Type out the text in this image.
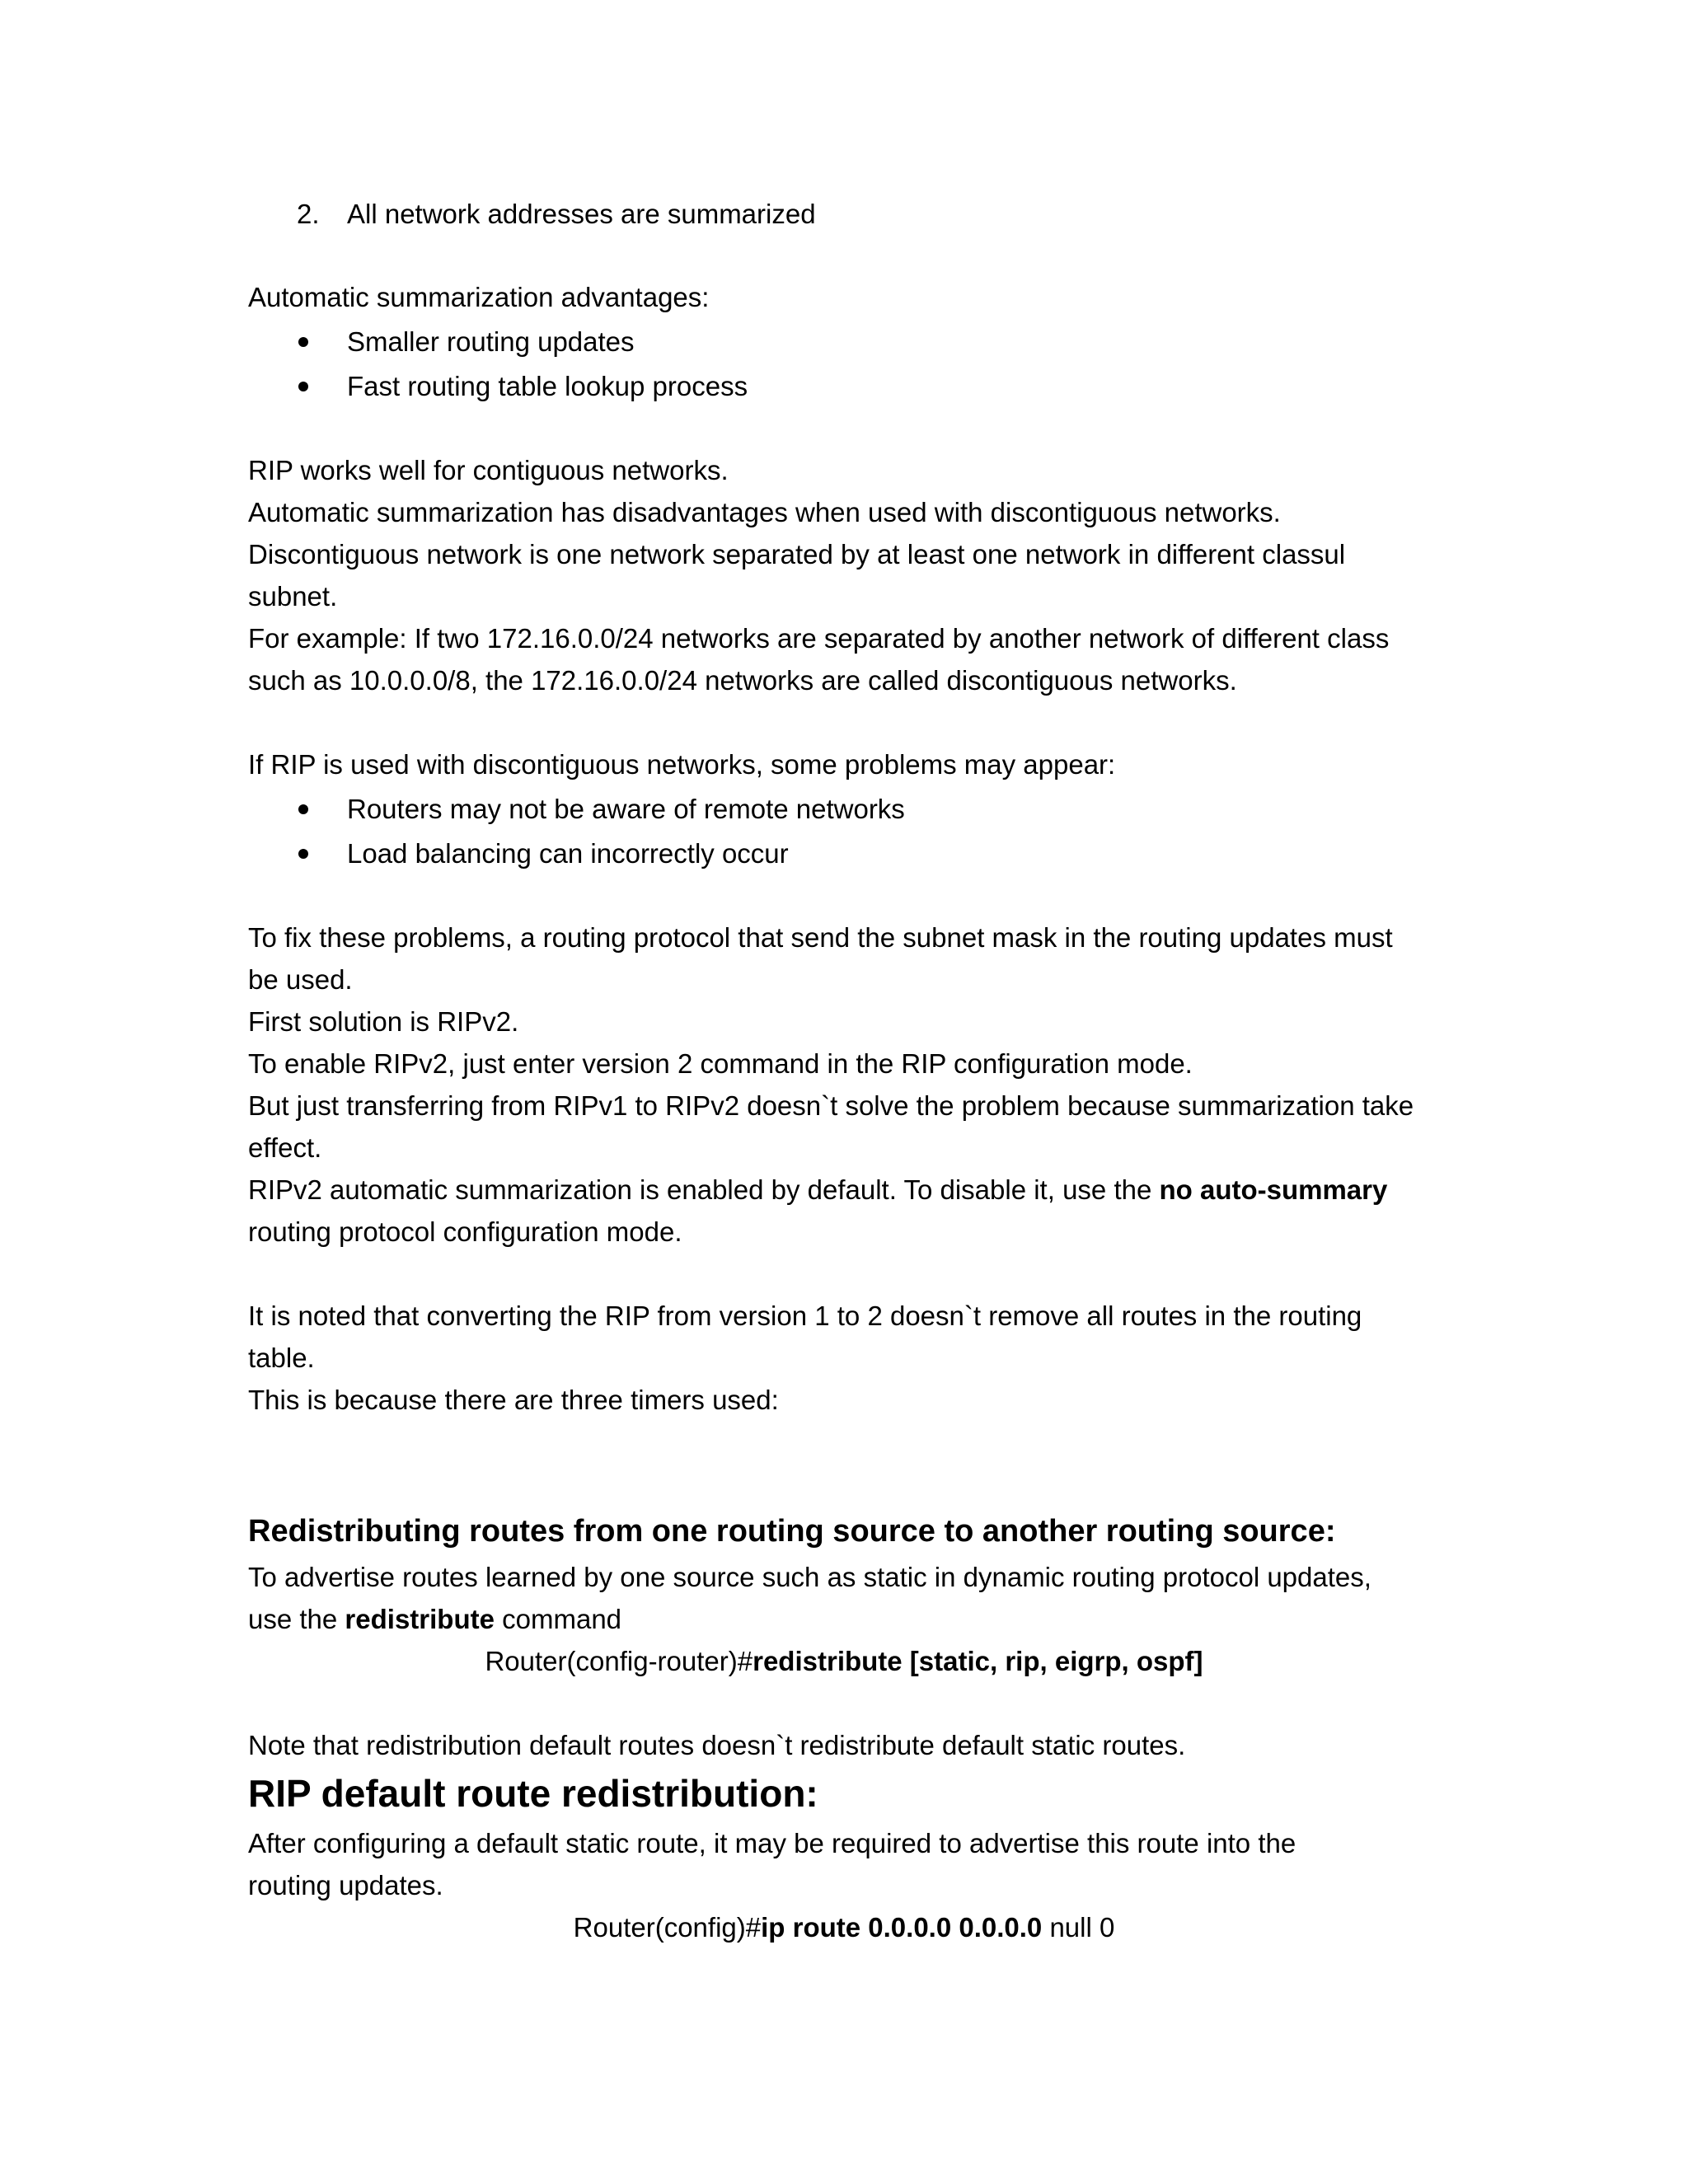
2. All network addresses are summarized
Automatic summarization advantages:
Smaller routing updates
Fast routing table lookup process
RIP works well for contiguous networks.
Automatic summarization has disadvantages when used with discontiguous networks.
Discontiguous network is one network separated by at least one network in different classul
subnet.
For example: If two 172.16.0.0/24 networks are separated by another network of different class
such as 10.0.0.0/8, the 172.16.0.0/24 networks are called discontiguous networks.
If RIP is used with discontiguous networks, some problems may appear:
Routers may not be aware of remote networks
Load balancing can incorrectly occur
To fix these problems, a routing protocol that send the subnet mask in the routing updates must
be used.
First solution is RIPv2.
To enable RIPv2, just enter version 2 command in the RIP configuration mode.
But just transferring from RIPv1 to RIPv2 doesn`t solve the problem because summarization take
effect.
RIPv2 automatic summarization is enabled by default. To disable it, use the no auto-summary
routing protocol configuration mode.
It is noted that converting the RIP from version 1 to 2 doesn`t remove all routes in the routing
table.
This is because there are three timers used:
Redistributing routes from one routing source to another routing source:
To advertise routes learned by one source such as static in dynamic routing protocol updates,
use the redistribute command
Router(config-router)#redistribute [static, rip, eigrp, ospf]
Note that redistribution default routes doesn`t redistribute default static routes.
RIP default route redistribution:
After configuring a default static route, it may be required to advertise this route into the
routing updates.
Router(config)#ip route 0.0.0.0 0.0.0.0 null 0
